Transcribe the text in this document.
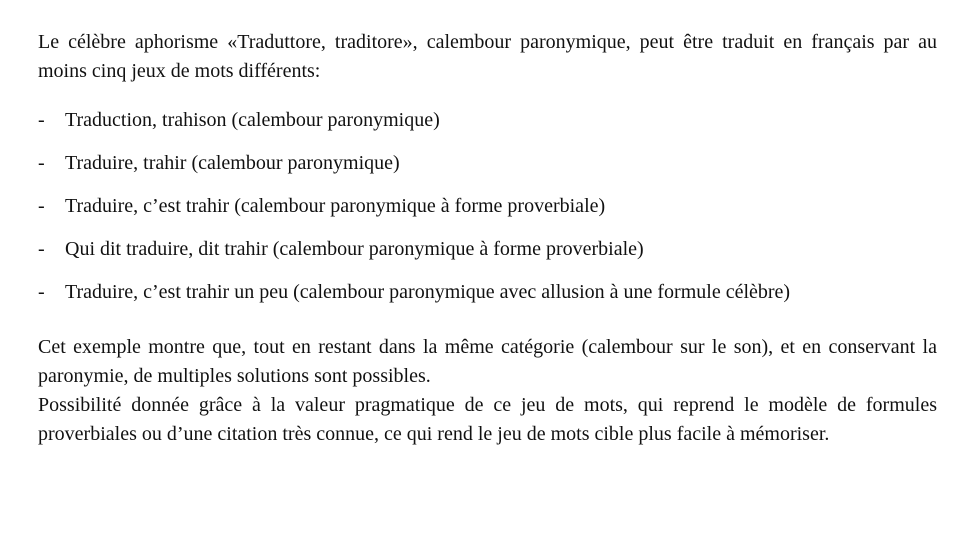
Le célèbre aphorisme «Traduttore, traditore», calembour paronymique, peut être traduit en français par au moins cinq jeux de mots différents:

-	Traduction, trahison (calembour paronymique)
-	Traduire, trahir (calembour paronymique)
-	Traduire, c’est trahir (calembour paronymique à forme proverbiale)
-	Qui dit traduire, dit trahir (calembour paronymique à forme proverbiale)
-	Traduire, c’est trahir un peu (calembour paronymique avec allusion à une formule célèbre)

Cet exemple montre que, tout en restant dans la même catégorie (calembour sur le son), et en conservant la paronymie, de multiples solutions sont possibles.

Possibilité donnée grâce à la valeur pragmatique de ce jeu de mots, qui reprend le modèle de formules proverbiales ou d’une citation très connue, ce qui rend le jeu de mots cible plus facile à mémoriser.
